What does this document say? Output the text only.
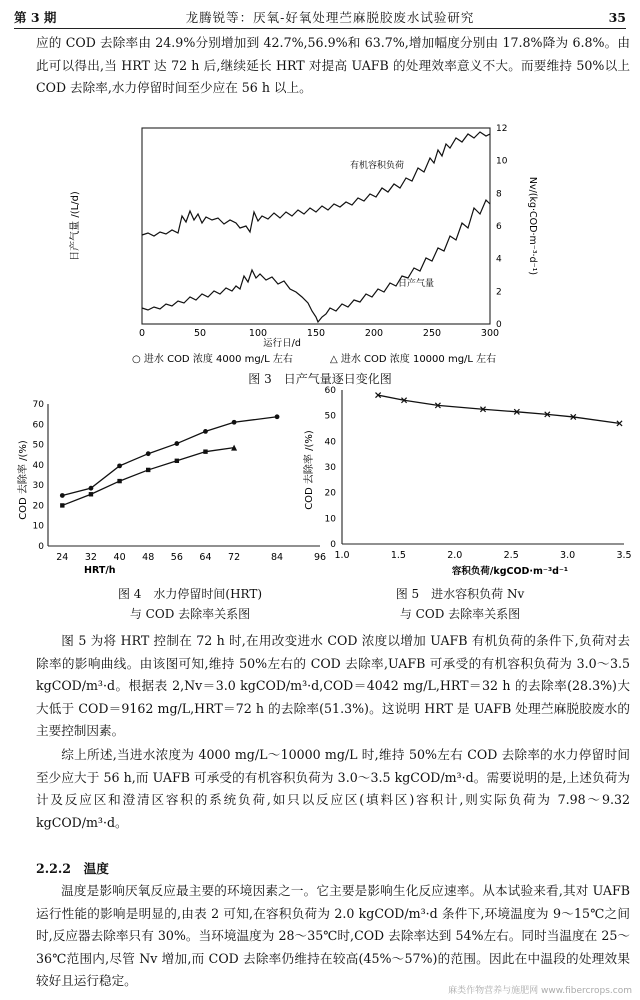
第 3 期	龙腾锐等：厌氧-好氧处理苎麻脱胶废水试验研究	35
应的 COD 去除率由 24.9%分别增加到 42.7%,56.9%和 63.7%,增加幅度分别由 17.8%降为 6.8%。由此可以得出,当 HRT 达 72 h 后,继续延长 HRT 对提高 UAFB 的处理效率意义不大。而要维持 50%以上 COD 去除率,水力停留时间至少应在 56 h 以上。
日产气量 /(L/d)	Nv/(kg·COD·m⁻³·d⁻¹)
0	50	100	150	200	250	300
0
2
4
6
8
10
12
有机容积负荷
日产气量
运行日/d
○ 进水 COD 浓度 4000 mg/L 左右	△ 进水 COD 浓度 10000 mg/L 左右
图 3　日产气量逐日变化图
COD 去除率 /(%)
0
10
20
30
40
50
60
70
24 32 40 48 56 64 72	84	96
HRT/h
图 4　水力停留时间(HRT)
与 COD 去除率关系图
COD 去除率 /(%)
0
10
20
30
40
50
60
1.0	1.5	2.0	2.5	3.0	3.5
容积负荷/kgCOD·m⁻³d⁻¹
图 5　进水容积负荷 Nv
与 COD 去除率关系图
图 5 为将 HRT 控制在 72 h 时,在用改变进水 COD 浓度以增加 UAFB 有机负荷的条件下,负荷对去除率的影响曲线。由该图可知,维持 50%左右的 COD 去除率,UAFB 可承受的有机容积负荷为 3.0～3.5 kgCOD/m³·d。根据表 2,Nv＝3.0 kgCOD/m³·d,COD＝4042 mg/L,HRT＝32 h 的去除率(28.3%)大大低于 COD＝9162 mg/L,HRT＝72 h 的去除率(51.3%)。这说明 HRT 是 UAFB 处理苎麻脱胶废水的主要控制因素。
综上所述,当进水浓度为 4000 mg/L～10000 mg/L 时,维持 50%左右 COD 去除率的水力停留时间至少应大于 56 h,而 UAFB 可承受的有机容积负荷为 3.0～3.5 kgCOD/m³·d。需要说明的是,上述负荷为计及反应区和澄清区容积的系统负荷,如只以反应区(填料区)容积计,则实际负荷为 7.98～9.32 kgCOD/m³·d。
2.2.2　温度
温度是影响厌氧反应最主要的环境因素之一。它主要是影响生化反应速率。从本试验来看,其对 UAFB 运行性能的影响是明显的,由表 2 可知,在容积负荷为 2.0 kgCOD/m³·d 条件下,环境温度为 9～15℃之间时,反应器去除率只有 30%。当环境温度为 28～35℃时,COD 去除率达到 54%左右。同时当温度在 25～36℃范围内,尽管 Nv 增加,而 COD 去除率仍维持在较高(45%～57%)的范围。因此在中温段的处理效果较好且运行稳定。
麻类作物营养与施肥网 www.fibercrops.com
